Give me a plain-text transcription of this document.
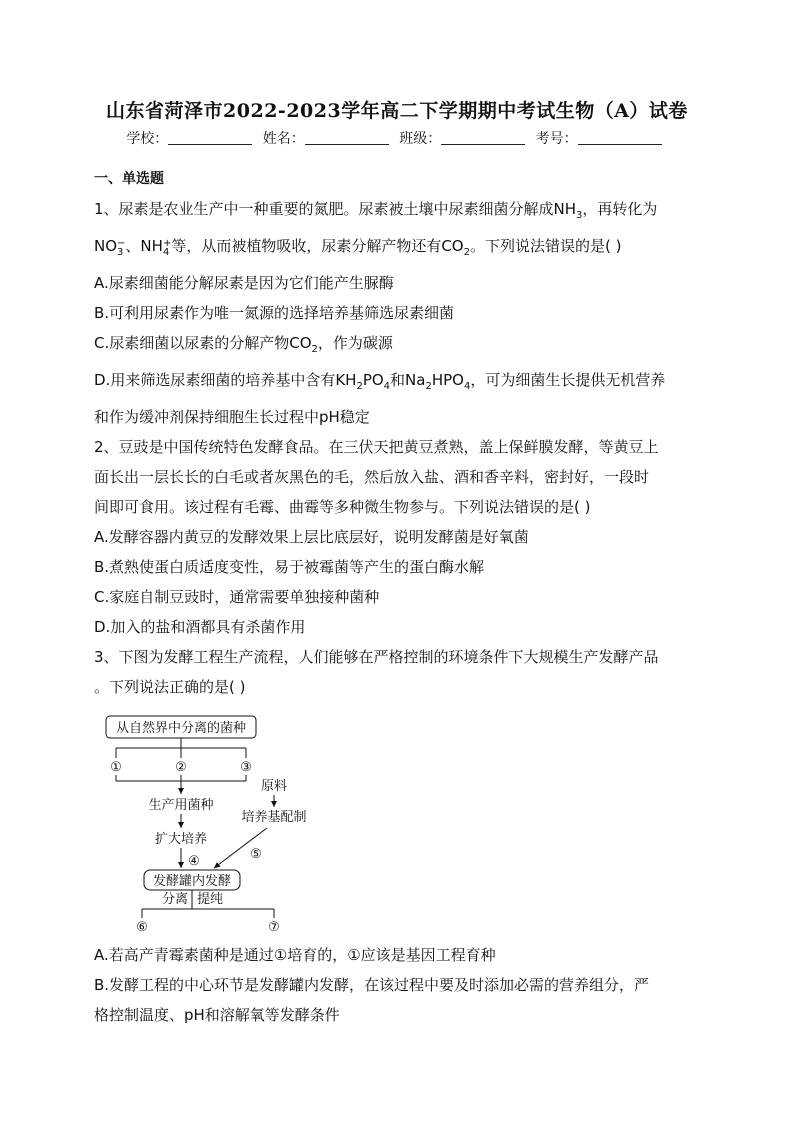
山东省菏泽市2022-2023学年高二下学期期中考试生物（A）试卷
学校：	姓名：	班级：	考号：
一、单选题

1、尿素是农业生产中一种重要的氮肥。尿素被土壤中尿素细菌分解成$NH_3$，再转化为

NO −
3 、NH +
4 等，从而被植物吸收，尿素分解产物还有$CO_2$。下列说法错误的是( )

A.尿素细菌能分解尿素是因为它们能产生脲酶

B.可利用尿素作为唯一氮源的选择培养基筛选尿素细菌

C.尿素细菌以尿素的分解产物$CO_2$，作为碳源

D.用来筛选尿素细菌的培养基中含有$KH_2PO_4$和$Na_2HPO_4$，可为细菌生长提供无机营养

和作为缓冲剂保持细胞生长过程中pH稳定

2、豆豉是中国传统特色发酵食品。在三伏天把黄豆煮熟，盖上保鲜膜发酵，等黄豆上

面长出一层长长的白毛或者灰黑色的毛，然后放入盐、酒和香辛料，密封好，一段时

间即可食用。该过程有毛霉、曲霉等多种微生物参与。下列说法错误的是( )

A.发酵容器内黄豆的发酵效果上层比底层好，说明发酵菌是好氧菌

B.煮熟使蛋白质适度变性，易于被霉菌等产生的蛋白酶水解

C.家庭自制豆豉时，通常需要单独接种菌种

D.加入的盐和酒都具有杀菌作用

3、下图为发酵工程生产流程，人们能够在严格控制的环境条件下大规模生产发酵产品

。下列说法正确的是( )

从自然界中分离的菌种
①	②	③
原料
生产用菌种
培养基配制
扩大培养
④	⑤
发酵罐内发酵
分离 提纯
⑥	⑦

A.若高产青霉素菌种是通过①培育的，①应该是基因工程育种

B.发酵工程的中心环节是发酵罐内发酵，在该过程中要及时添加必需的营养组分，严

格控制温度、pH和溶解氧等发酵条件
